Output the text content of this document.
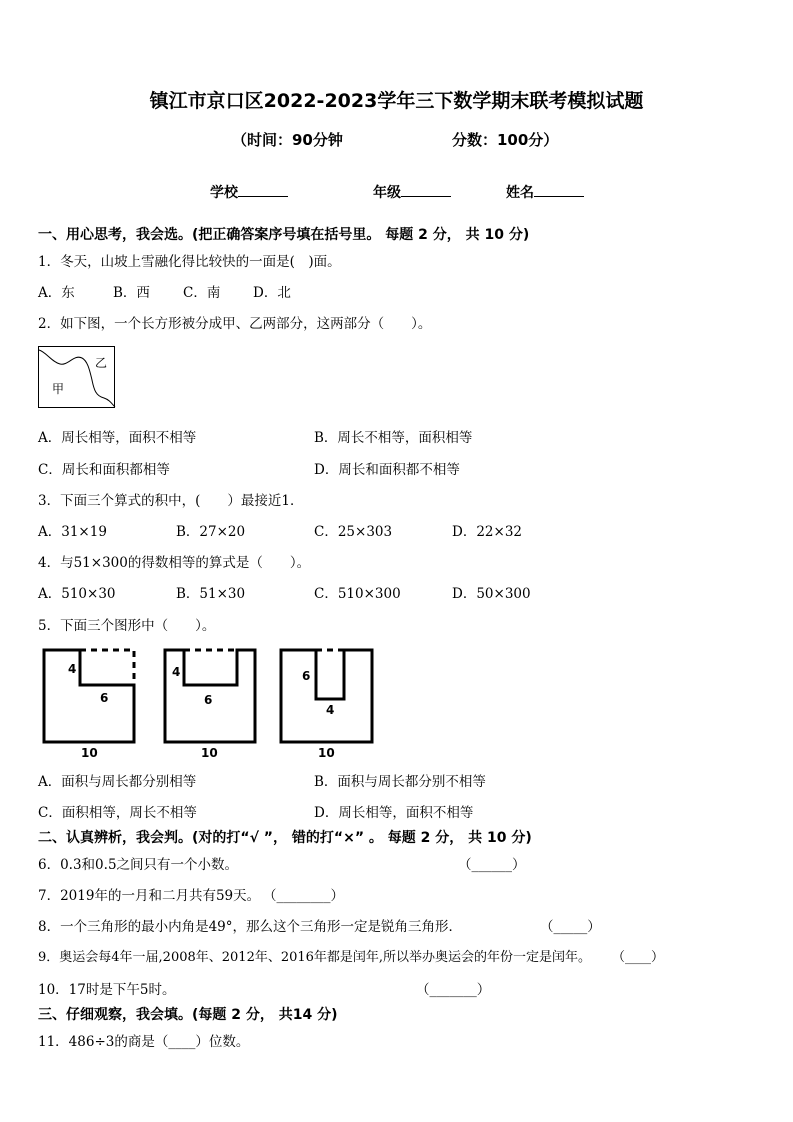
镇江市京口区2022-2023学年三下数学期末联考模拟试题
（时间：90分钟	分数：100分）
学校	年级	姓名
一、用心思考，我会选。(把正确答案序号填在括号里。 每题 2 分， 共 10 分)
1．冬天，山坡上雪融化得比较快的一面是(　)面。
A．东	B．西 C．南 D．北
2．如下图，一个长方形被分成甲、乙两部分，这两部分（　　）。
乙
甲
A．周长相等，面积不相等	B．周长不相等，面积相等
C．周长和面积都相等	D．周长和面积都不相等
3．下面三个算式的积中，(　　）最接近1．
A．31×19	B．27×20	C．25×303	D．22×32
4．与51×300的得数相等的算式是（　　）。
A．510×30	B．51×30	C．510×300	D．50×300
5．下面三个图形中（　　）。
4
6
10
4
6
10
6
4
10
A．面积与周长都分别相等	B．面积与周长都分别不相等
C．面积相等，周长不相等	D．周长相等，面积不相等
二、认真辨析，我会判。(对的打“√ ”， 错的打“×” 。 每题 2 分， 共 10 分)
6．0.3和0.5之间只有一个小数。	（______）
7．2019年的一月和二月共有59天。 （________）
8．一个三角形的最小内角是49°，那么这个三角形一定是锐角三角形．	（_____）
9．奥运会每4年一届,2008年、2012年、2016年都是闰年,所以举办奥运会的年份一定是闰年。 （____）
10．17时是下午5时。	（_______）
三、仔细观察，我会填。(每题 2 分， 共14 分)
11．486÷3的商是（____）位数。
